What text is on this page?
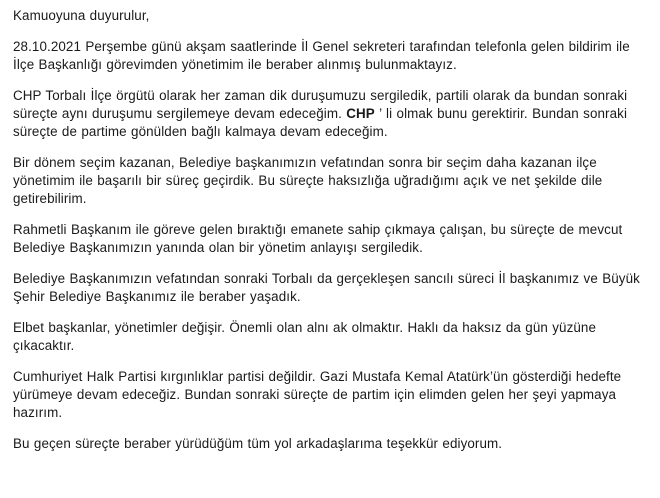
Kamuoyuna duyurulur,

28.10.2021 Perşembe günü akşam saatlerinde İl Genel sekreteri tarafından telefonla gelen bildirim ile İlçe Başkanlığı görevimden yönetimim ile beraber alınmış bulunmaktayız.

CHP Torbalı İlçe örgütü olarak her zaman dik duruşumuzu sergiledik, partili olarak da bundan sonraki süreçte aynı duruşumu sergilemeye devam edeceğim. CHP ’ li olmak bunu gerektirir. Bundan sonraki süreçte de partime gönülden bağlı kalmaya devam edeceğim.

Bir dönem seçim kazanan, Belediye başkanımızın vefatından sonra bir seçim daha kazanan ilçe yönetimim ile başarılı bir süreç geçirdik. Bu süreçte haksızlığa uğradığımı açık ve net şekilde dile getirebilirim.

Rahmetli Başkanım ile göreve gelen bıraktığı emanete sahip çıkmaya çalışan, bu süreçte de mevcut Belediye Başkanımızın yanında olan bir yönetim anlayışı sergiledik.

Belediye Başkanımızın vefatından sonraki Torbalı da gerçekleşen sancılı süreci İl başkanımız ve Büyük Şehir Belediye Başkanımız ile beraber yaşadık.

Elbet başkanlar, yönetimler değişir. Önemli olan alnı ak olmaktır. Haklı da haksız da gün yüzüne çıkacaktır.

Cumhuriyet Halk Partisi kırgınlıklar partisi değildir. Gazi Mustafa Kemal Atatürk’ün gösterdiği hedefte yürümeye devam edeceğiz. Bundan sonraki süreçte de partim için elimden gelen her şeyi yapmaya hazırım.

Bu geçen süreçte beraber yürüdüğüm tüm yol arkadaşlarıma teşekkür ediyorum.
